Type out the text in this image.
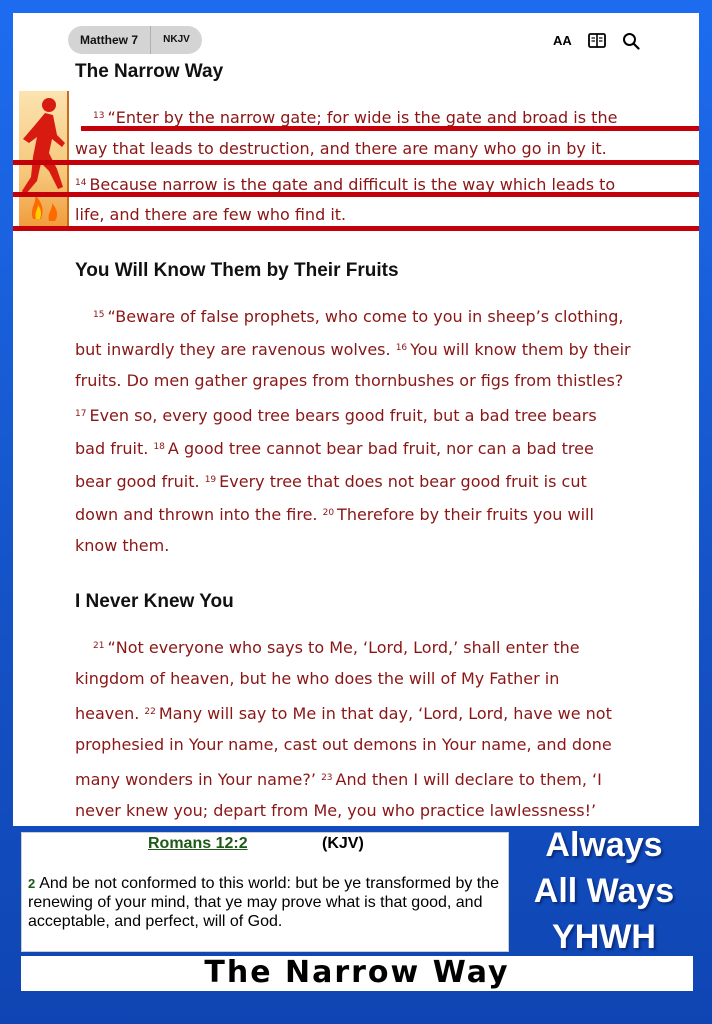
Matthew 7	NKJV	AA
The Narrow Way
$^{13}$ “Enter by the narrow gate; for wide is the gate and broad is the
way that leads to destruction, and there are many who go in by it.
$^{14}$ Because narrow is the gate and difficult is the way which leads to
life, and there are few who find it.
You Will Know Them by Their Fruits
$^{15}$ “Beware of false prophets, who come to you in sheep’s clothing,
but inwardly they are ravenous wolves. $^{16}$ You will know them by their
fruits. Do men gather grapes from thornbushes or figs from thistles?
$^{17}$ Even so, every good tree bears good fruit, but a bad tree bears
bad fruit. $^{18}$ A good tree cannot bear bad fruit, nor can a bad tree
bear good fruit. $^{19}$ Every tree that does not bear good fruit is cut
down and thrown into the fire. $^{20}$ Therefore by their fruits you will
know them.
I Never Knew You
$^{21}$ “Not everyone who says to Me, ‘Lord, Lord,’ shall enter the
kingdom of heaven, but he who does the will of My Father in
heaven. $^{22}$ Many will say to Me in that day, ‘Lord, Lord, have we not
prophesied in Your name, cast out demons in Your name, and done
many wonders in Your name?’ $^{23}$ And then I will declare to them, ‘I
never knew you; depart from Me, you who practice lawlessness!’
Romans 12:2	(KJV)
2 And be not conformed to this world: but be ye transformed by the renewing of your mind, that ye may prove what is that good, and acceptable, and perfect, will of God.
Always
All Ways
YHWH
The Narrow Way
